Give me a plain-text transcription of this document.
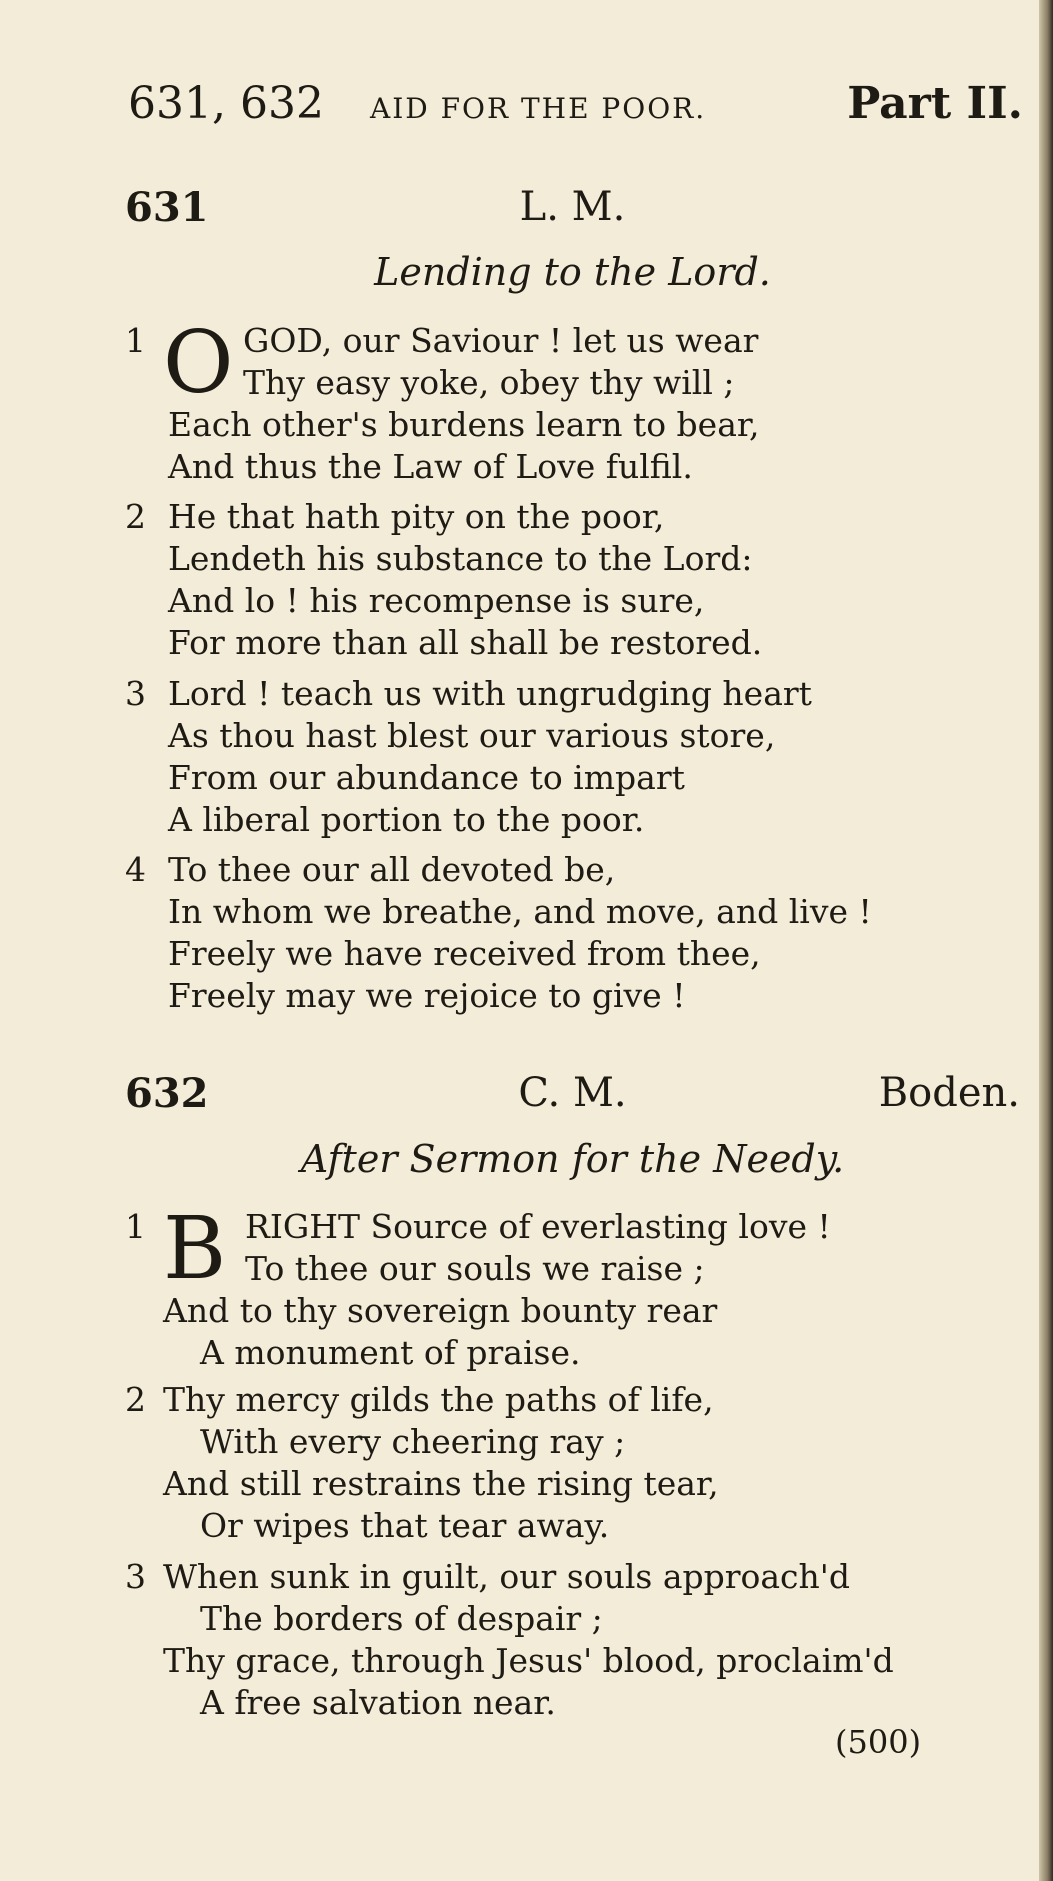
631, 632 AID FOR THE POOR.	Part II.
631	L. M.
Lending to the Lord.
1 O GOD, our Saviour ! let us wear
Thy easy yoke, obey thy will ;
Each other's burdens learn to bear,
And thus the Law of Love fulfil.
2 He that hath pity on the poor,
Lendeth his substance to the Lord:
And lo ! his recompense is sure,
For more than all shall be restored.
3 Lord ! teach us with ungrudging heart
As thou hast blest our various store,
From our abundance to impart
A liberal portion to the poor.
4 To thee our all devoted be,
In whom we breathe, and move, and live !
Freely we have received from thee,
Freely may we rejoice to give !
632	C. M.	Boden.
After Sermon for the Needy.
1 B RIGHT Source of everlasting love !
To thee our souls we raise ;
And to thy sovereign bounty rear
A monument of praise.
2 Thy mercy gilds the paths of life,
With every cheering ray ;
And still restrains the rising tear,
Or wipes that tear away.
3 When sunk in guilt, our souls approach'd
The borders of despair ;
Thy grace, through Jesus' blood, proclaim'd
A free salvation near.
(500)
